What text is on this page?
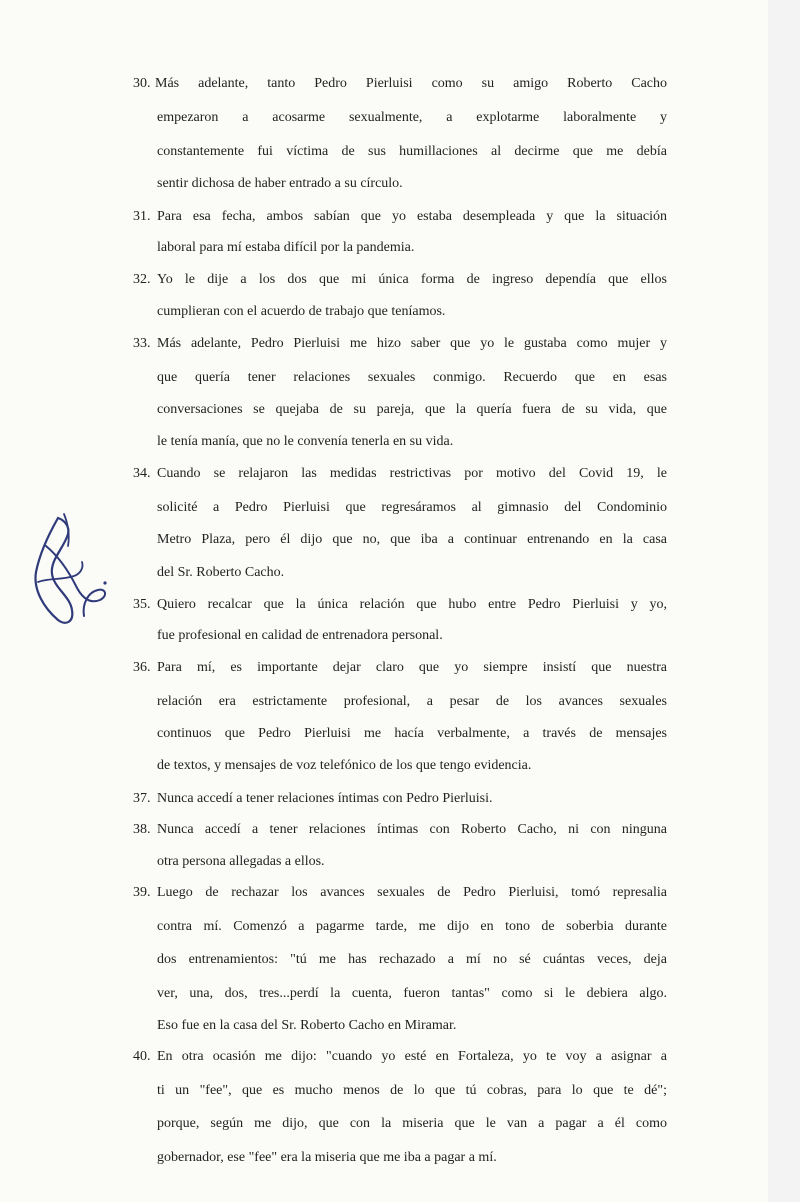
30. Más adelante, tanto Pedro Pierluisi como su amigo Roberto Cacho
empezaron a acosarme sexualmente, a explotarme laboralmente y
constantemente fui víctima de sus humillaciones al decirme que me debía
sentir dichosa de haber entrado a su círculo.
31. Para esa fecha, ambos sabían que yo estaba desempleada y que la situación
laboral para mí estaba difícil por la pandemia.
32. Yo le dije a los dos que mi única forma de ingreso dependía que ellos
cumplieran con el acuerdo de trabajo que teníamos.
33. Más adelante, Pedro Pierluisi me hizo saber que yo le gustaba como mujer y
que quería tener relaciones sexuales conmigo. Recuerdo que en esas
conversaciones se quejaba de su pareja, que la quería fuera de su vida, que
le tenía manía, que no le convenía tenerla en su vida.
34. Cuando se relajaron las medidas restrictivas por motivo del Covid 19, le
solicité a Pedro Pierluisi que regresáramos al gimnasio del Condominio
Metro Plaza, pero él dijo que no, que iba a continuar entrenando en la casa
del Sr. Roberto Cacho.
35. Quiero recalcar que la única relación que hubo entre Pedro Pierluisi y yo,
fue profesional en calidad de entrenadora personal.
36. Para mí, es importante dejar claro que yo siempre insistí que nuestra
relación era estrictamente profesional, a pesar de los avances sexuales
continuos que Pedro Pierluisi me hacía verbalmente, a través de mensajes
de textos, y mensajes de voz telefónico de los que tengo evidencia.
37. Nunca accedí a tener relaciones íntimas con Pedro Pierluisi.
38. Nunca accedí a tener relaciones íntimas con Roberto Cacho, ni con ninguna
otra persona allegadas a ellos.
39. Luego de rechazar los avances sexuales de Pedro Pierluisi, tomó represalia
contra mí. Comenzó a pagarme tarde, me dijo en tono de soberbia durante
dos entrenamientos: "tú me has rechazado a mí no sé cuántas veces, deja
ver, una, dos, tres...perdí la cuenta, fueron tantas" como si le debiera algo.
Eso fue en la casa del Sr. Roberto Cacho en Miramar.
40. En otra ocasión me dijo: "cuando yo esté en Fortaleza, yo te voy a asignar a
ti un "fee", que es mucho menos de lo que tú cobras, para lo que te dé";
porque, según me dijo, que con la miseria que le van a pagar a él como
gobernador, ese "fee" era la miseria que me iba a pagar a mí.
